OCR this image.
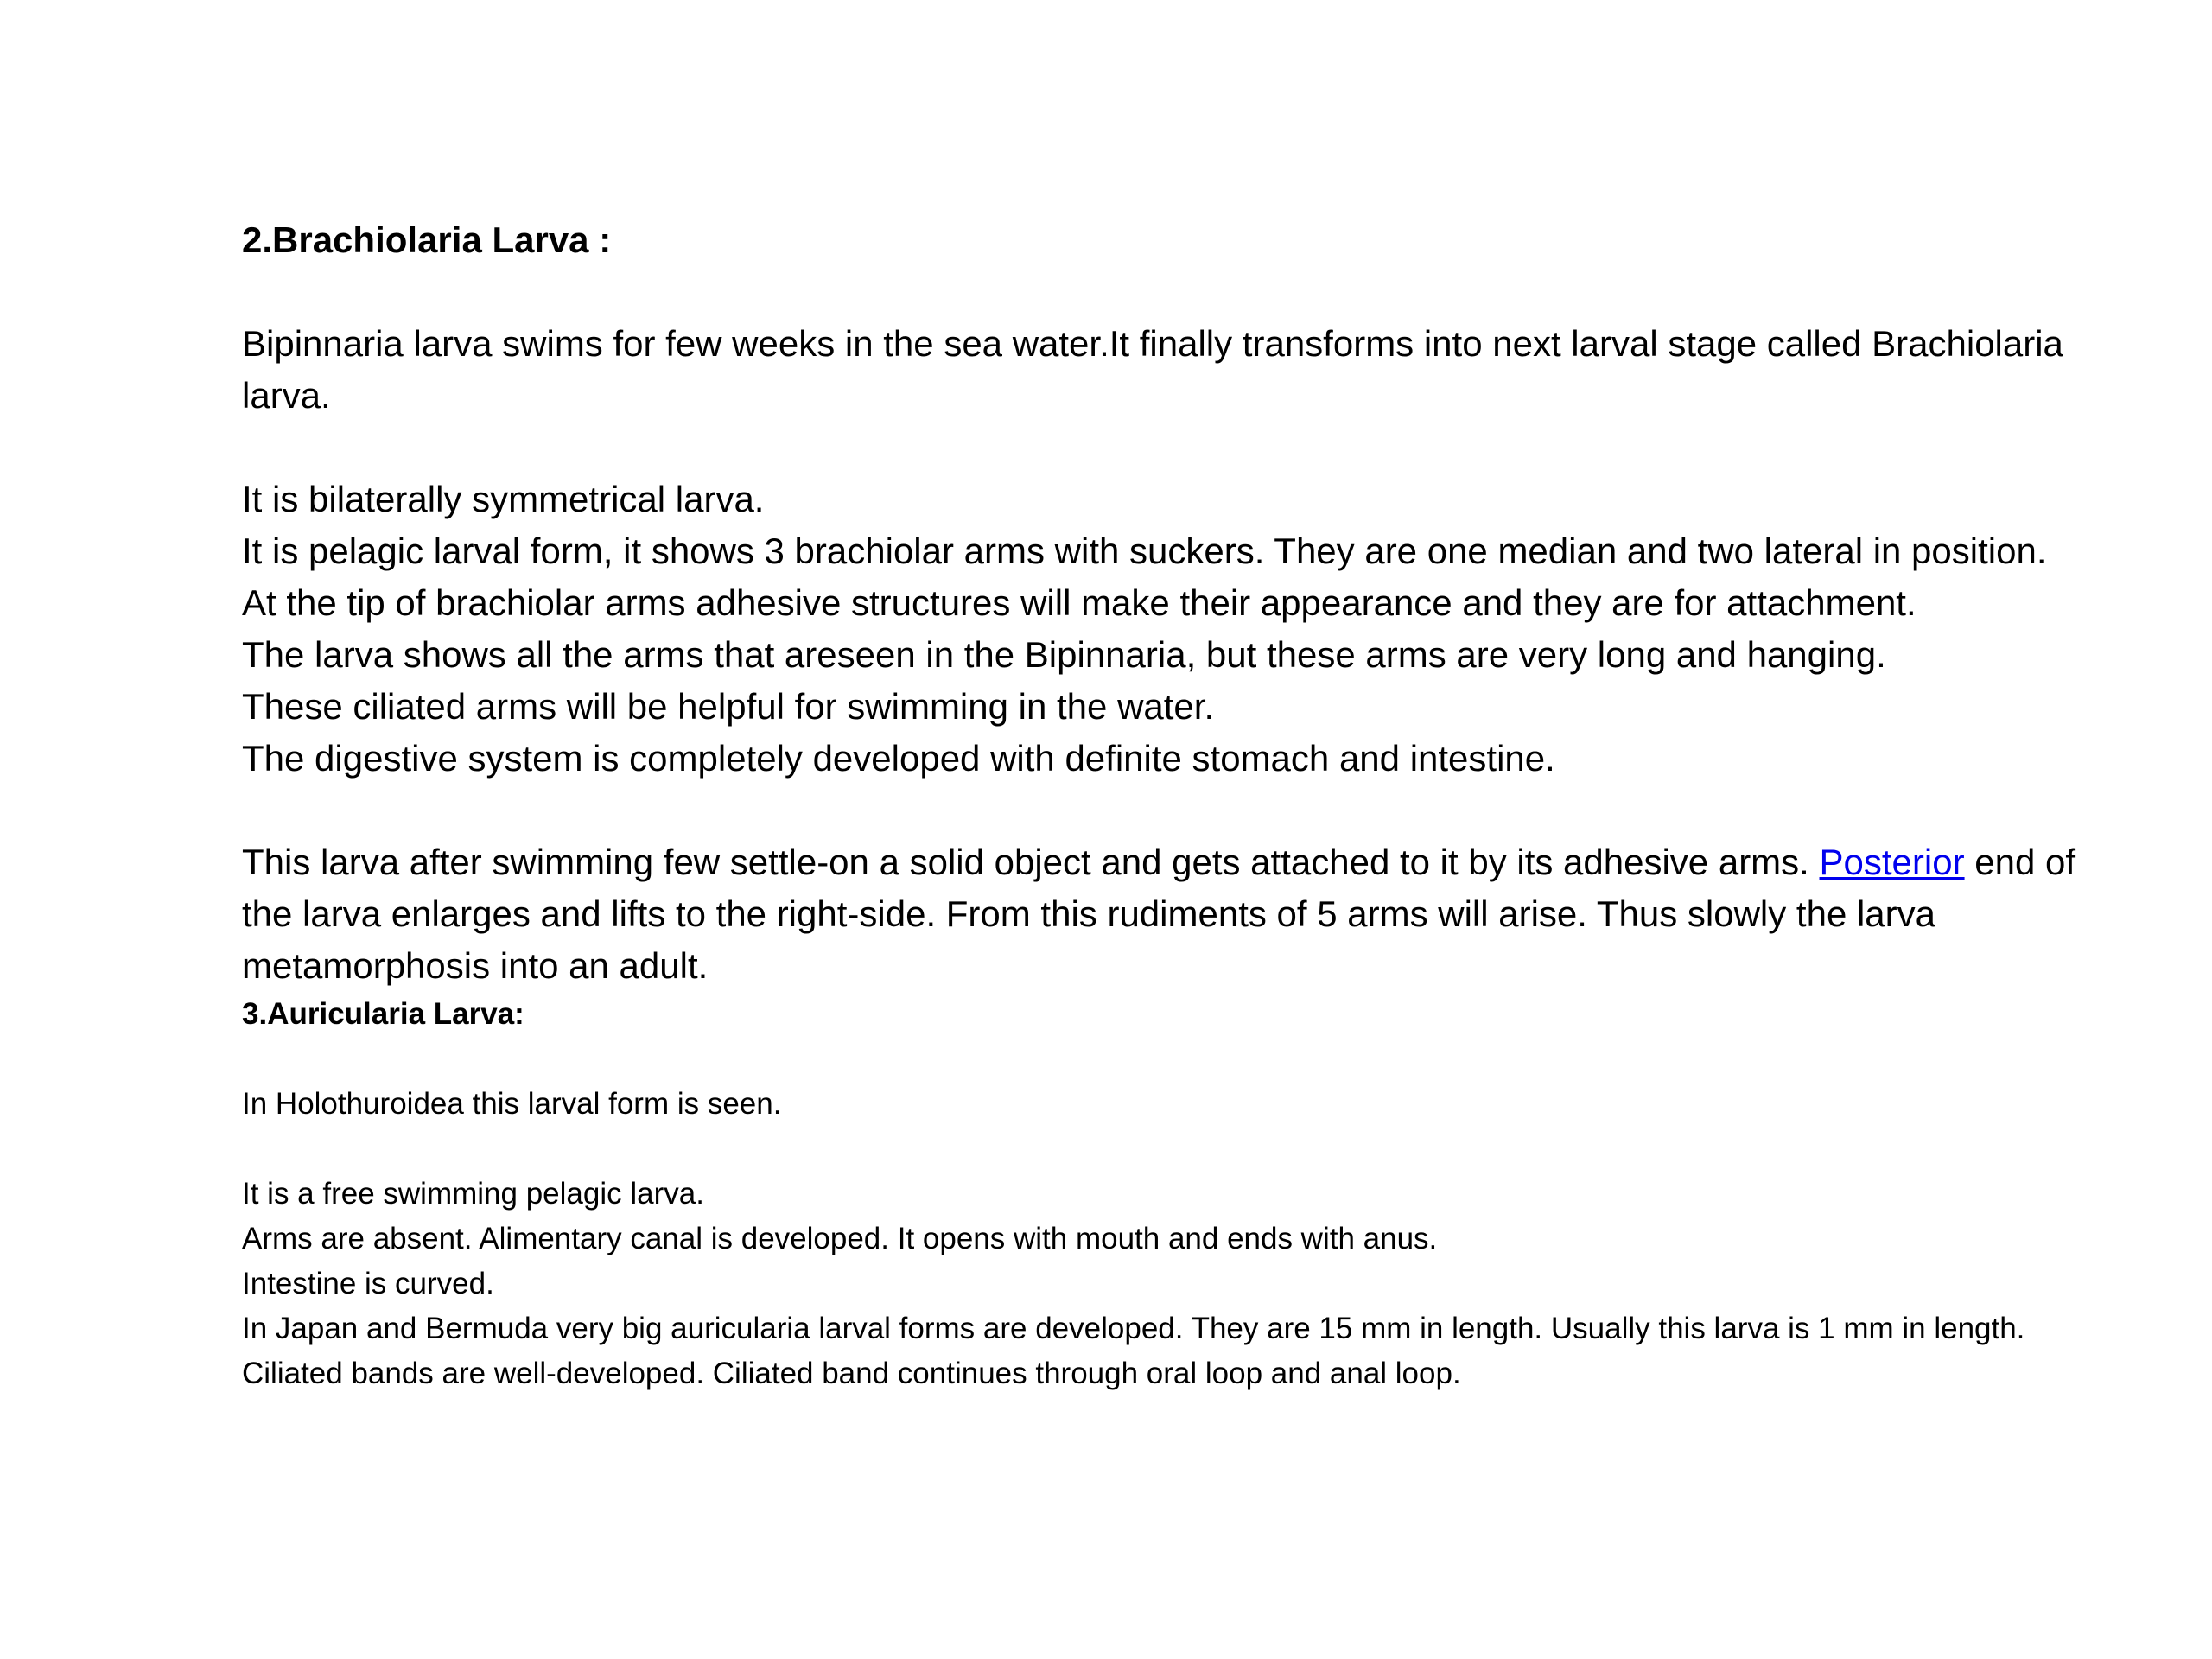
2.Brachiolaria Larva :

Bipinnaria larva swims for few weeks in the sea water.It finally transforms into next larval stage called Brachiolaria larva.

It is bilaterally symmetrical larva.

It is pelagic larval form, it shows 3 brachiolar arms with suckers. They are one median and two lateral in position.

At the tip of brachiolar arms adhesive structures will make their appearance and they are for attachment.

The larva shows all the arms that areseen in the Bipinnaria, but these arms are very long and hanging.

These ciliated arms will be helpful for swimming in the water.

The digestive system is completely developed with definite stomach and intestine.

This larva after swimming few settle-on a solid object and gets attached to it by its adhesive arms. Posterior end of the larva enlarges and lifts to the right-side. From this rudiments of 5 arms will arise. Thus slowly the larva metamorphosis into an adult.

3.Auricularia Larva:

In Holothuroidea this larval form is seen.

It is a free swimming pelagic larva.

Arms are absent. Alimentary canal is developed. It opens with mouth and ends with anus.

Intestine is curved.

In Japan and Bermuda very big auricularia larval forms are developed. They are 15 mm in length. Usually this larva is 1 mm in length.

Ciliated bands are well-developed. Ciliated band continues through oral loop and anal loop.
